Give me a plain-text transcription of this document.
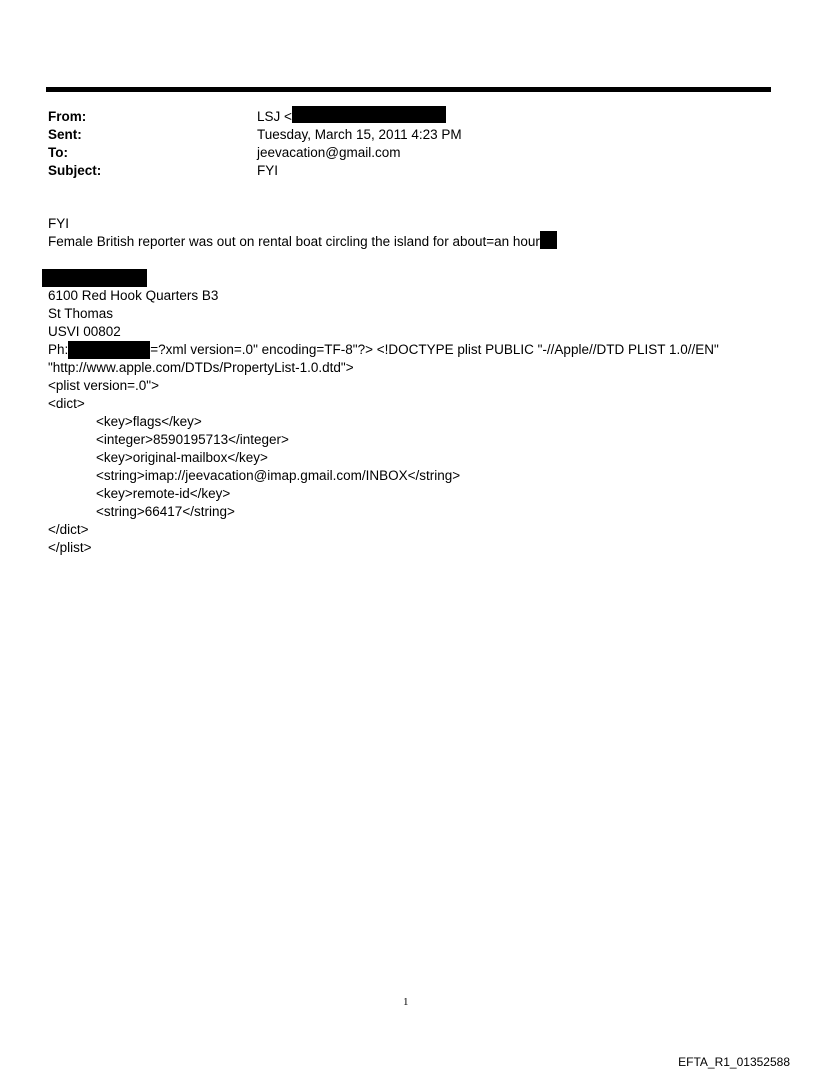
From:	LSJ <
Sent:	Tuesday, March 15, 2011 4:23 PM
To:	jeevacation@gmail.com
Subject:	FYI
FYI
Female British reporter was out on rental boat circling the island for about=an hour
6100 Red Hook Quarters B3
St Thomas
USVI 00802
Ph:	=?xml version=.0" encoding=TF-8"?> <!DOCTYPE plist PUBLIC "-//Apple//DTD PLIST 1.0//EN"
"http://www.apple.com/DTDs/PropertyList-1.0.dtd">
<plist version=.0">
<dict>
<key>flags</key>
<integer>8590195713</integer>
<key>original-mailbox</key>
<string>imap://jeevacation@imap.gmail.com/INBOX</string>
<key>remote-id</key>
<string>66417</string>
</dict>
</plist>
1
EFTA_R1_01352588
